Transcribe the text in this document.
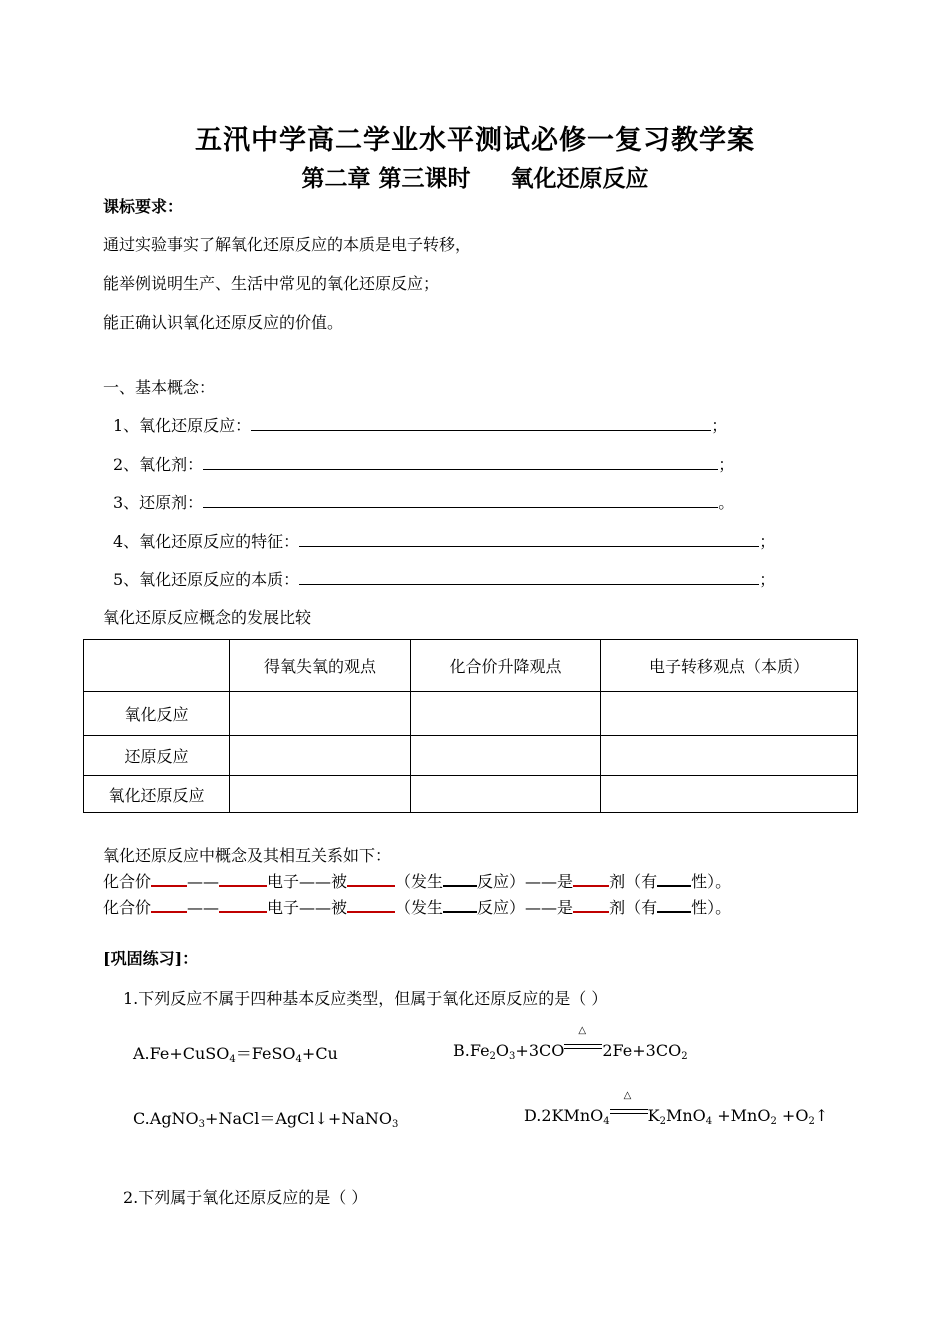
五汛中学高二学业水平测试必修一复习教学案
第二章 第三课时 氧化还原反应
课标要求：
通过实验事实了解氧化还原反应的本质是电子转移，
能举例说明生产、生活中常见的氧化还原反应；
能正确认识氧化还原反应的价值。
一、基本概念：
1、氧化还原反应：	；
2、氧化剂：	；
3、还原剂：	。
4、氧化还原反应的特征：	；
5、氧化还原反应的本质：	；
氧化还原反应概念的发展比较
	得氧失氧的观点	化合价升降观点	电子转移观点（本质）
氧化反应			
还原反应			
氧化还原反应			
氧化还原反应中概念及其相互关系如下：
化合价 ——	电子——被	（发生 反应）——是 剂（有 性）。
化合价 ——	电子——被	（发生 反应）——是 剂（有 性）。
[巩固练习]：
1.下列反应不属于四种基本反应类型，但属于氧化还原反应的是（ ）
A.Fe+CuSO$_4$＝FeSO$_4$+Cu	$B.Fe_2O_3+3CO$
△
$2Fe+3CO_2$
C.AgNO$_3$+NaCl＝AgCl↓+NaNO$_3$	D.2KMnO$_4$
△
$K_2MnO_4 +MnO_2$ $+O_2↑$
2.下列属于氧化还原反应的是（ ）
